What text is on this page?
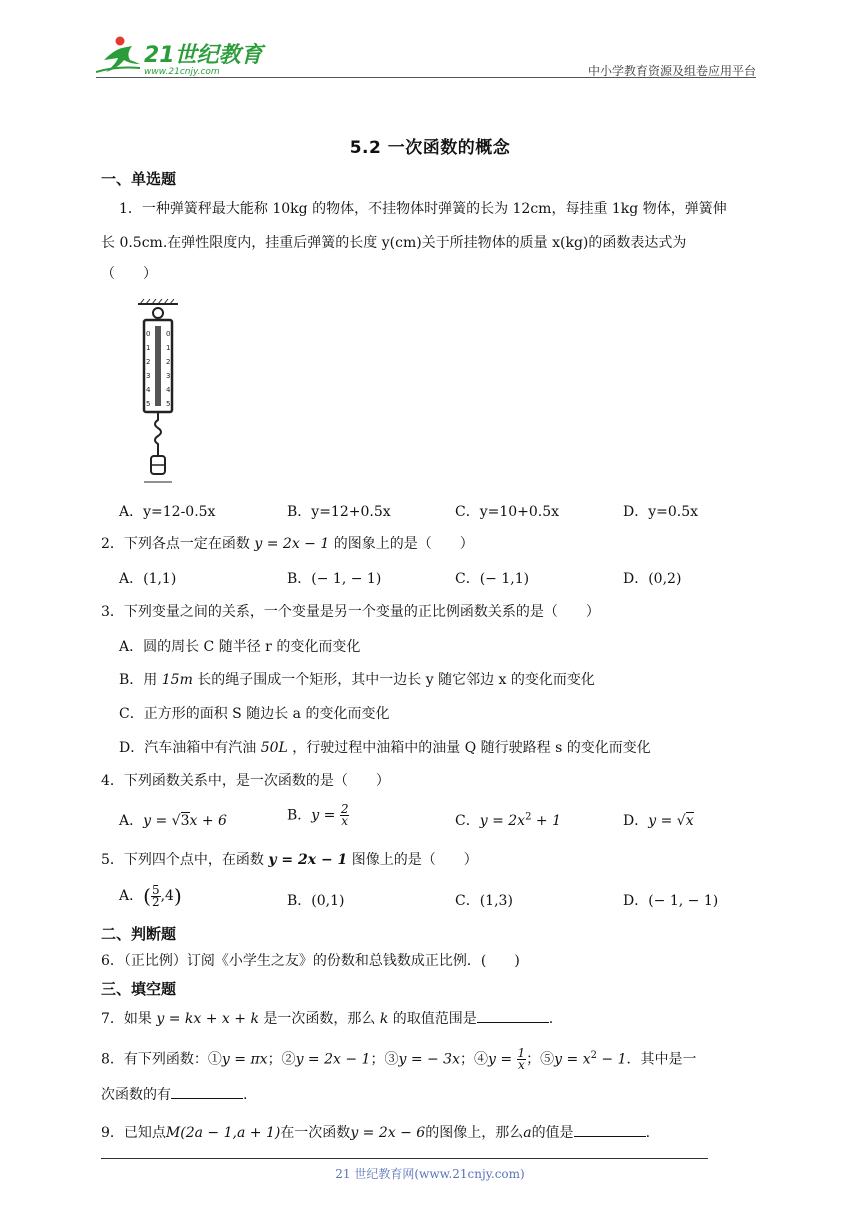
21世纪教育
www.21cnjy.com	中小学教育资源及组卷应用平台
5.2 一次函数的概念
一、单选题
1．一种弹簧秤最大能称 10kg 的物体，不挂物体时弹簧的长为 12cm，每挂重 1kg 物体，弹簧伸
长 0.5cm.在弹性限度内，挂重后弹簧的长度 y(cm)关于所挂物体的质量 x(kg)的函数表达式为
（　　）
0 0
1 1
2 2
3 3
4 4
5 5
A．y=12-0.5x	B．y=12+0.5x	C．y=10+0.5x	D．y=0.5x
2．下列各点一定在函数 y = 2x − 1 的图象上的是（　　）
A．(1,1)	B．(− 1, − 1)	C．(− 1,1)	D．(0,2)
3．下列变量之间的关系，一个变量是另一个变量的正比例函数关系的是（　　）
A．圆的周长 C 随半径 r 的变化而变化
B．用 15m 长的绳子围成一个矩形，其中一边长 y 随它邻边 x 的变化而变化
C．正方形的面积 S 随边长 a 的变化而变化
D．汽车油箱中有汽油 50L ，行驶过程中油箱中的油量 Q 随行驶路程 s 的变化而变化
4．下列函数关系中，是一次函数的是（　　）
A．y = √3x + 6	B．$y = \frac{2}{x}$	C．$y = 2x^2 + 1$	D．y = √x
5．下列四个点中，在函数 y = 2x − 1 图像上的是（　　）
A．( $\frac{5}{2} ,4$)	B．(0,1)	C．(1,3)	D．(− 1, − 1)
二、判断题
6．（正比例）订阅《小学生之友》的份数和总钱数成正比例．(　　)
三、填空题
7．如果 y = kx + x + k 是一次函数，那么 k 的取值范围是	.
8．有下列函数：①y = πx；②y = 2x − 1；③y = − 3x；④y = $\frac{1}{x}$ ；⑤y = $x^2 - 1$．其中是一
次函数的有	.
9．已知点M(2a − 1,a + 1)在一次函数y = 2x − 6的图像上，那么a的值是	.
21 世纪教育网(www.21cnjy.com)
